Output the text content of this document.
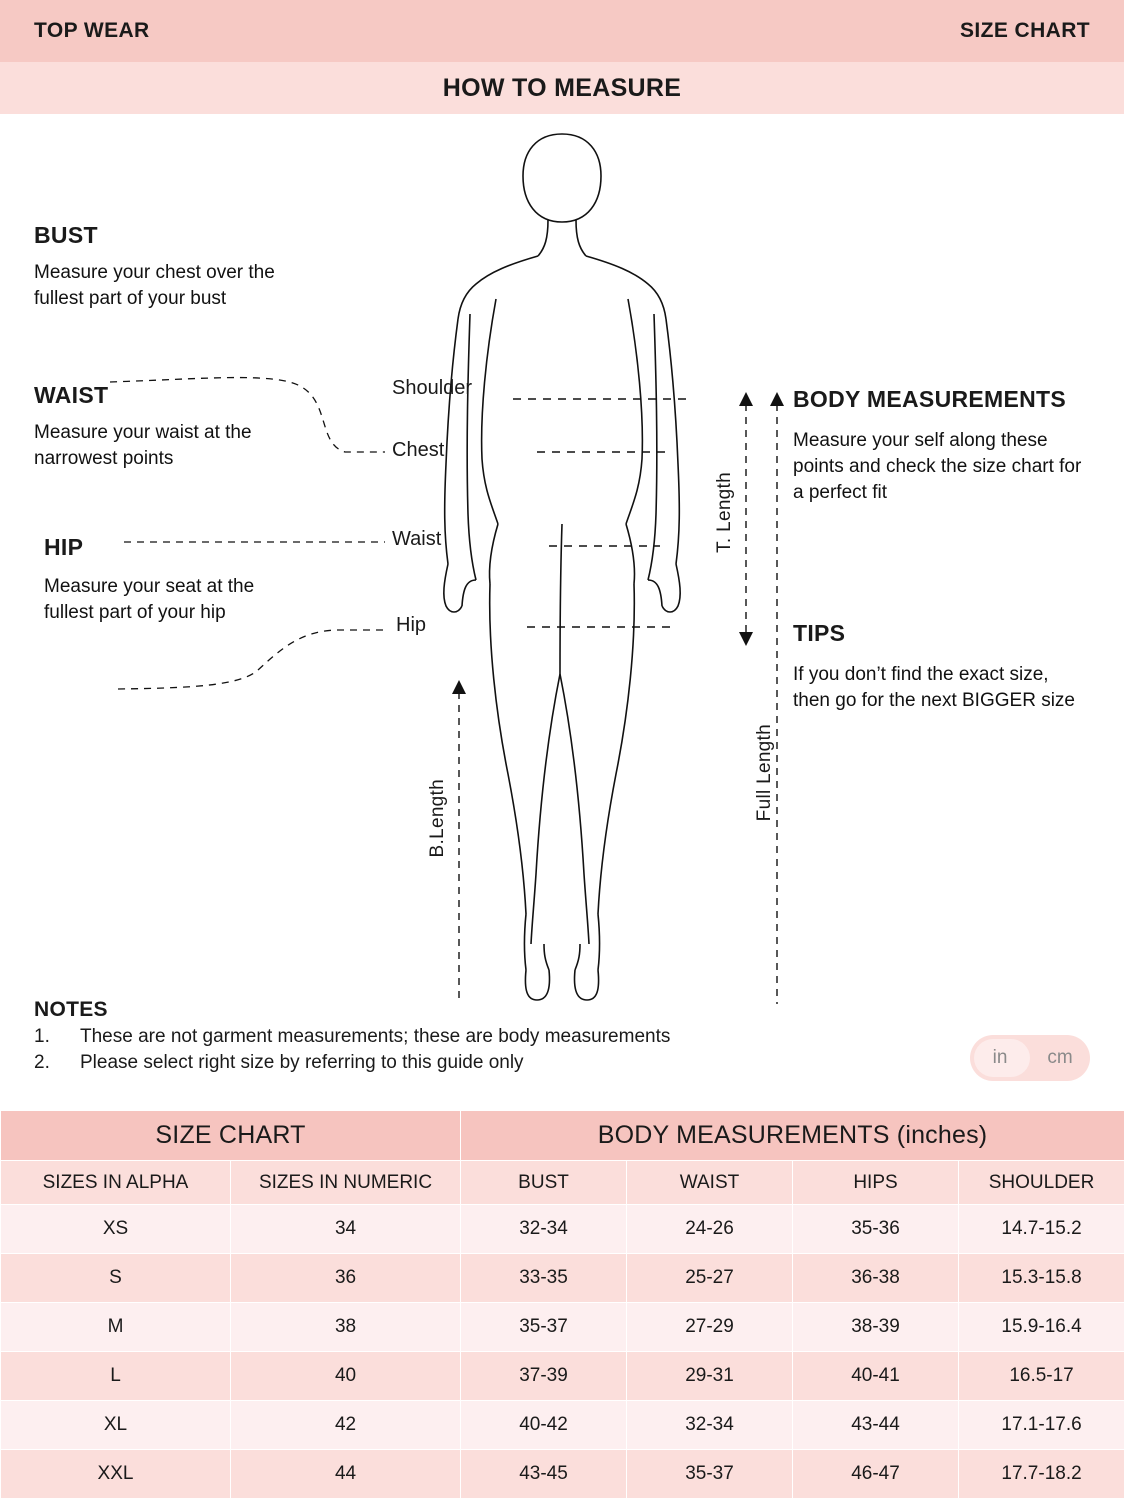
TOP WEAR	SIZE CHART
HOW TO MEASURE
BUST
Measure your chest over the fullest part of your bust
WAIST
Measure your waist at the narrowest points
HIP
Measure your seat at the fullest part of your hip
Shoulder
Chest
Waist
Hip
T. Length
B.Length	Full Length
BODY MEASUREMENTS
Measure your self along these points and check the size chart for a perfect fit
TIPS
If you don’t find the exact size, then go for the next BIGGER size
NOTES
1.	These are not garment measurements; these are body measurements
2.	Please select right size by referring to this guide only	in	cm
SIZE CHART		BODY MEASUREMENTS (inches)			
SIZES IN ALPHA	SIZES IN NUMERIC	BUST	WAIST	HIPS	SHOULDER
XS	34	32-34	24-26	35-36	14.7-15.2
S	36	33-35	25-27	36-38	15.3-15.8
M	38	35-37	27-29	38-39	15.9-16.4
L	40	37-39	29-31	40-41	16.5-17
XL	42	40-42	32-34	43-44	17.1-17.6
XXL	44	43-45	35-37	46-47	17.7-18.2
